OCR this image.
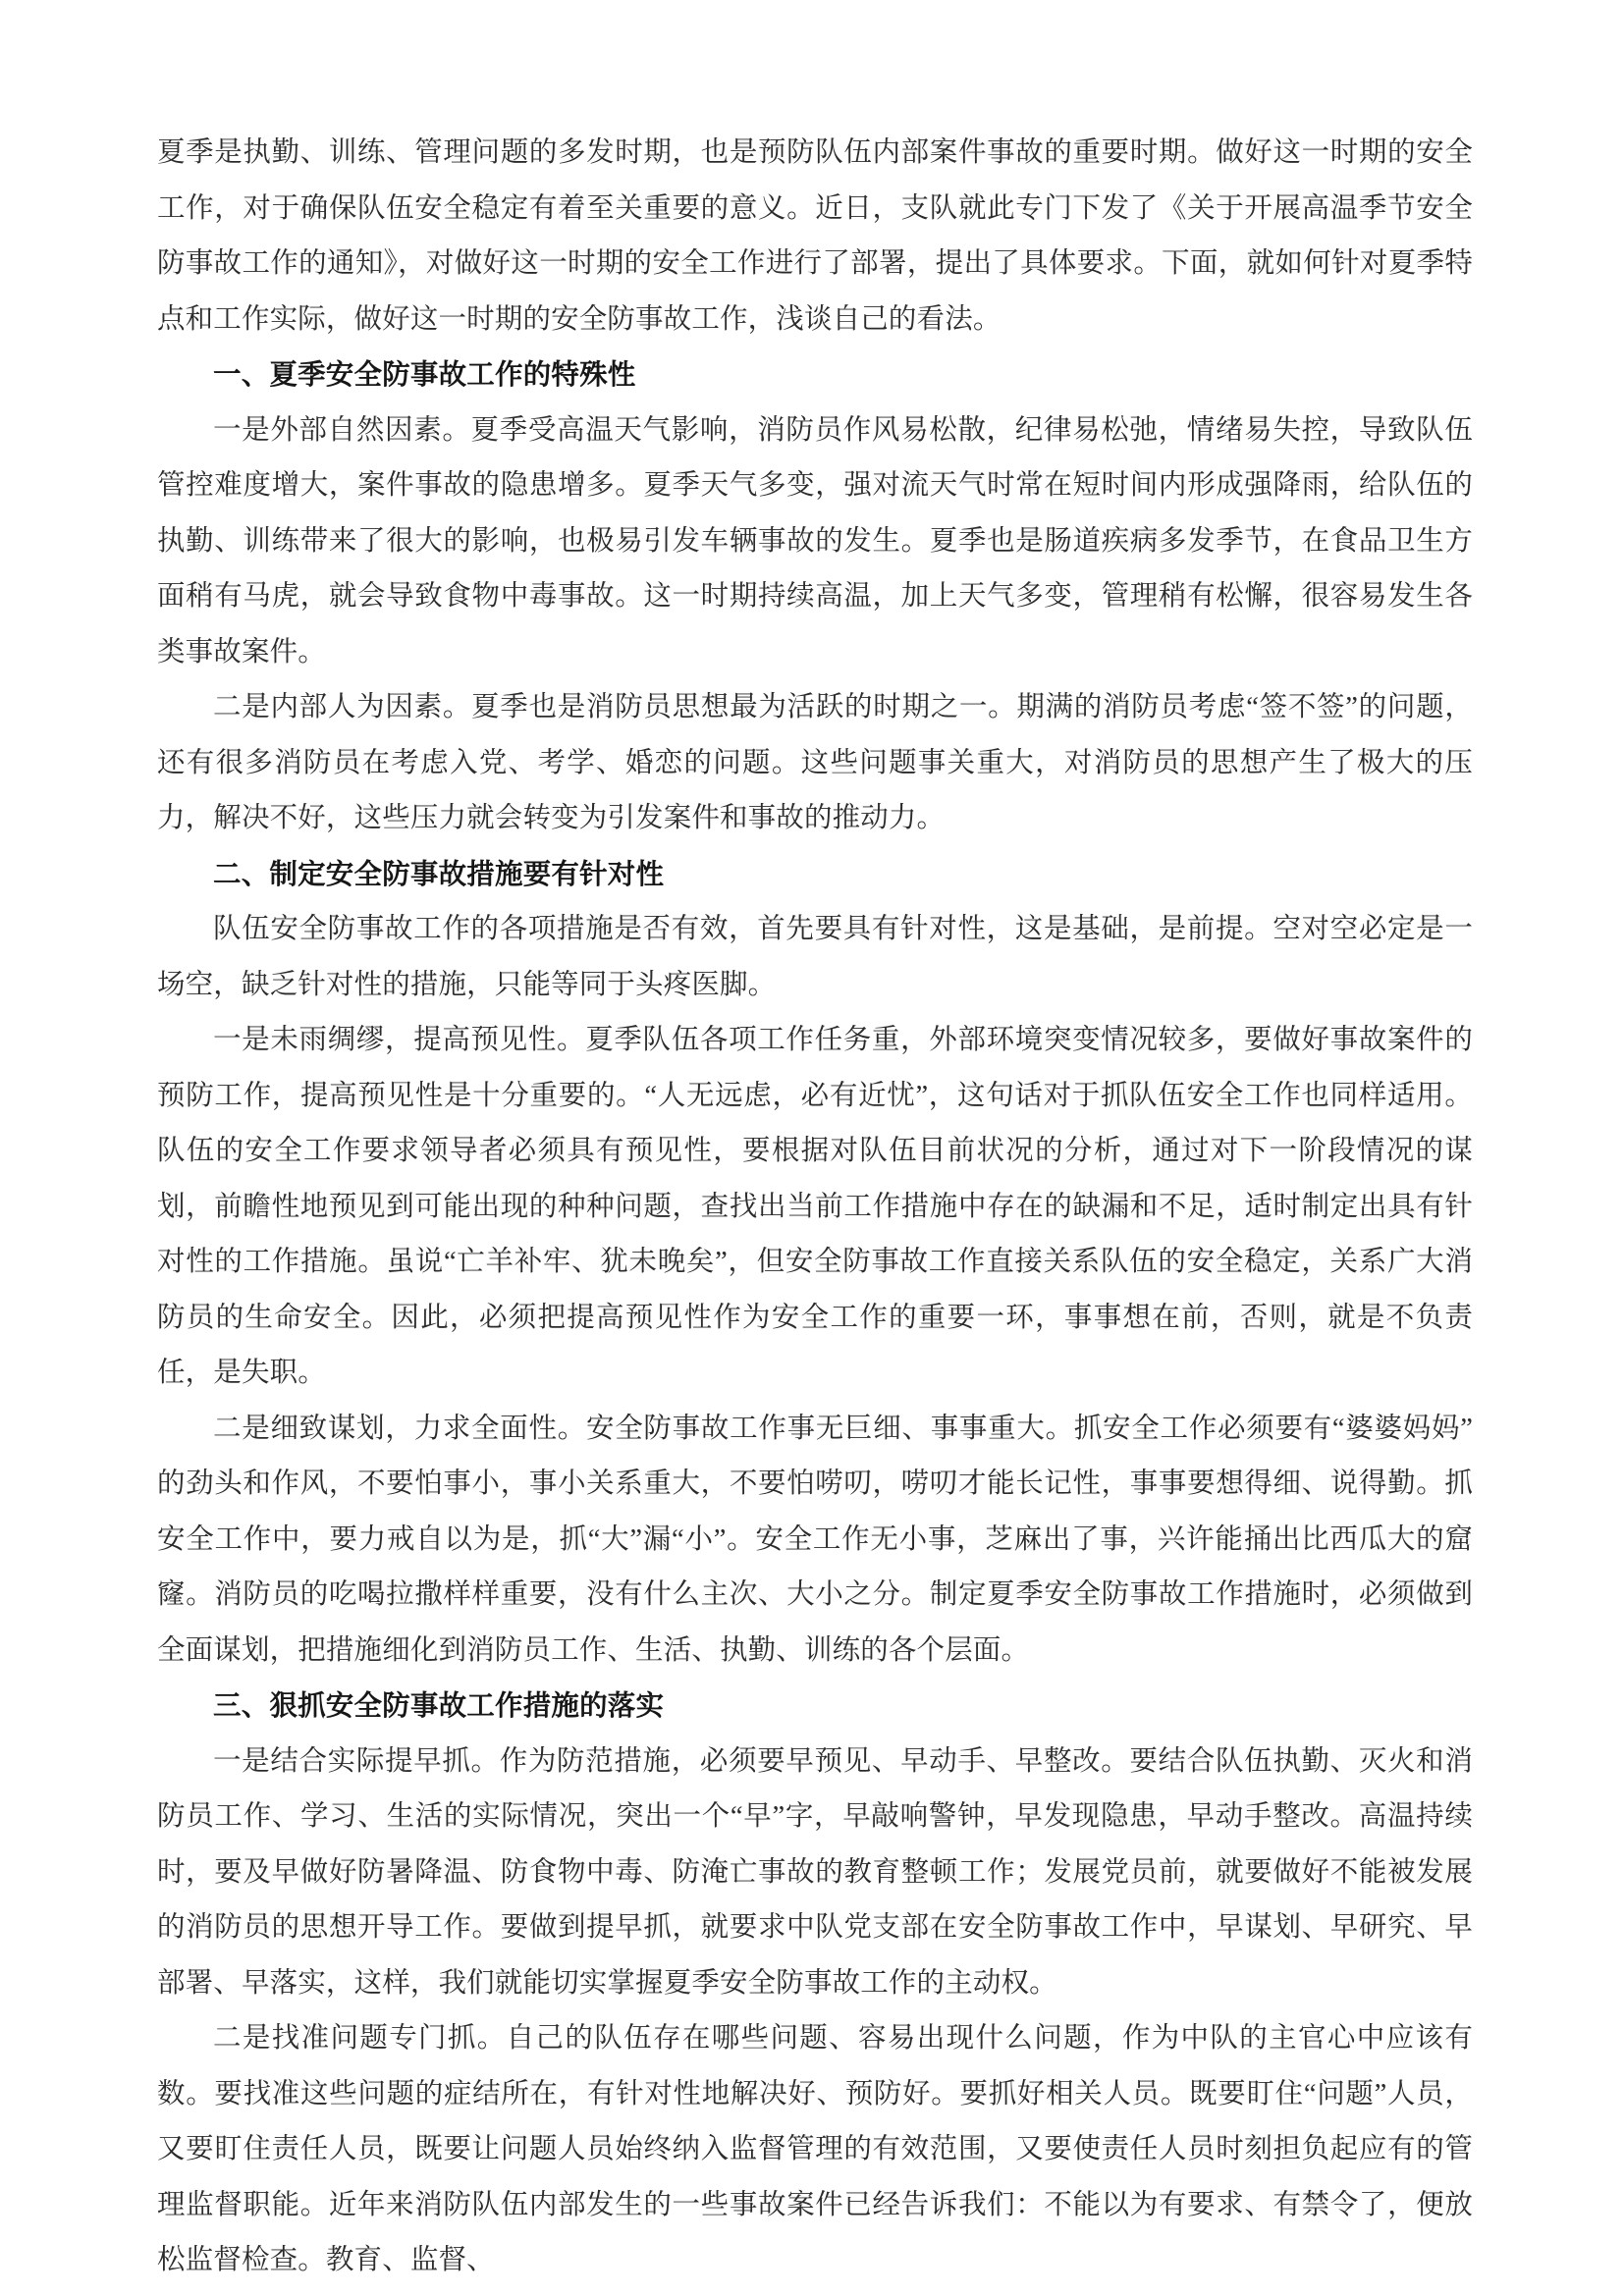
夏季是执勤、训练、管理问题的多发时期，也是预防队伍内部案件事故的重要时期。做好这一时期的安全工作，对于确保队伍安全稳定有着至关重要的意义。近日，支队就此专门下发了《关于开展高温季节安全防事故工作的通知》，对做好这一时期的安全工作进行了部署，提出了具体要求。下面，就如何针对夏季特点和工作实际，做好这一时期的安全防事故工作，浅谈自己的看法。

一、夏季安全防事故工作的特殊性

一是外部自然因素。夏季受高温天气影响，消防员作风易松散，纪律易松弛，情绪易失控，导致队伍管控难度增大，案件事故的隐患增多。夏季天气多变，强对流天气时常在短时间内形成强降雨，给队伍的执勤、训练带来了很大的影响，也极易引发车辆事故的发生。夏季也是肠道疾病多发季节，在食品卫生方面稍有马虎，就会导致食物中毒事故。这一时期持续高温，加上天气多变，管理稍有松懈，很容易发生各类事故案件。

二是内部人为因素。夏季也是消防员思想最为活跃的时期之一。期满的消防员考虑“签不签”的问题，还有很多消防员在考虑入党、考学、婚恋的问题。这些问题事关重大，对消防员的思想产生了极大的压力，解决不好，这些压力就会转变为引发案件和事故的推动力。

二、制定安全防事故措施要有针对性

队伍安全防事故工作的各项措施是否有效，首先要具有针对性，这是基础，是前提。空对空必定是一场空，缺乏针对性的措施，只能等同于头疼医脚。

一是未雨绸缪，提高预见性。夏季队伍各项工作任务重，外部环境突变情况较多，要做好事故案件的预防工作，提高预见性是十分重要的。“人无远虑，必有近忧”，这句话对于抓队伍安全工作也同样适用。队伍的安全工作要求领导者必须具有预见性，要根据对队伍目前状况的分析，通过对下一阶段情况的谋划，前瞻性地预见到可能出现的种种问题，查找出当前工作措施中存在的缺漏和不足，适时制定出具有针对性的工作措施。虽说“亡羊补牢、犹未晚矣”，但安全防事故工作直接关系队伍的安全稳定，关系广大消防员的生命安全。因此，必须把提高预见性作为安全工作的重要一环，事事想在前，否则，就是不负责任，是失职。

二是细致谋划，力求全面性。安全防事故工作事无巨细、事事重大。抓安全工作必须要有“婆婆妈妈”的劲头和作风，不要怕事小，事小关系重大，不要怕唠叨，唠叨才能长记性，事事要想得细、说得勤。抓安全工作中，要力戒自以为是，抓“大”漏“小”。安全工作无小事，芝麻出了事，兴许能捅出比西瓜大的窟窿。消防员的吃喝拉撒样样重要，没有什么主次、大小之分。制定夏季安全防事故工作措施时，必须做到全面谋划，把措施细化到消防员工作、生活、执勤、训练的各个层面。

三、狠抓安全防事故工作措施的落实

一是结合实际提早抓。作为防范措施，必须要早预见、早动手、早整改。要结合队伍执勤、灭火和消防员工作、学习、生活的实际情况，突出一个“早”字，早敲响警钟，早发现隐患，早动手整改。高温持续时，要及早做好防暑降温、防食物中毒、防淹亡事故的教育整顿工作；发展党员前，就要做好不能被发展的消防员的思想开导工作。要做到提早抓，就要求中队党支部在安全防事故工作中，早谋划、早研究、早部署、早落实，这样，我们就能切实掌握夏季安全防事故工作的主动权。

二是找准问题专门抓。自己的队伍存在哪些问题、容易出现什么问题，作为中队的主官心中应该有数。要找准这些问题的症结所在，有针对性地解决好、预防好。要抓好相关人员。既要盯住“问题”人员，又要盯住责任人员，既要让问题人员始终纳入监督管理的有效范围，又要使责任人员时刻担负起应有的管理监督职能。近年来消防队伍内部发生的一些事故案件已经告诉我们：不能以为有要求、有禁令了，便放松监督检查。教育、监督、
